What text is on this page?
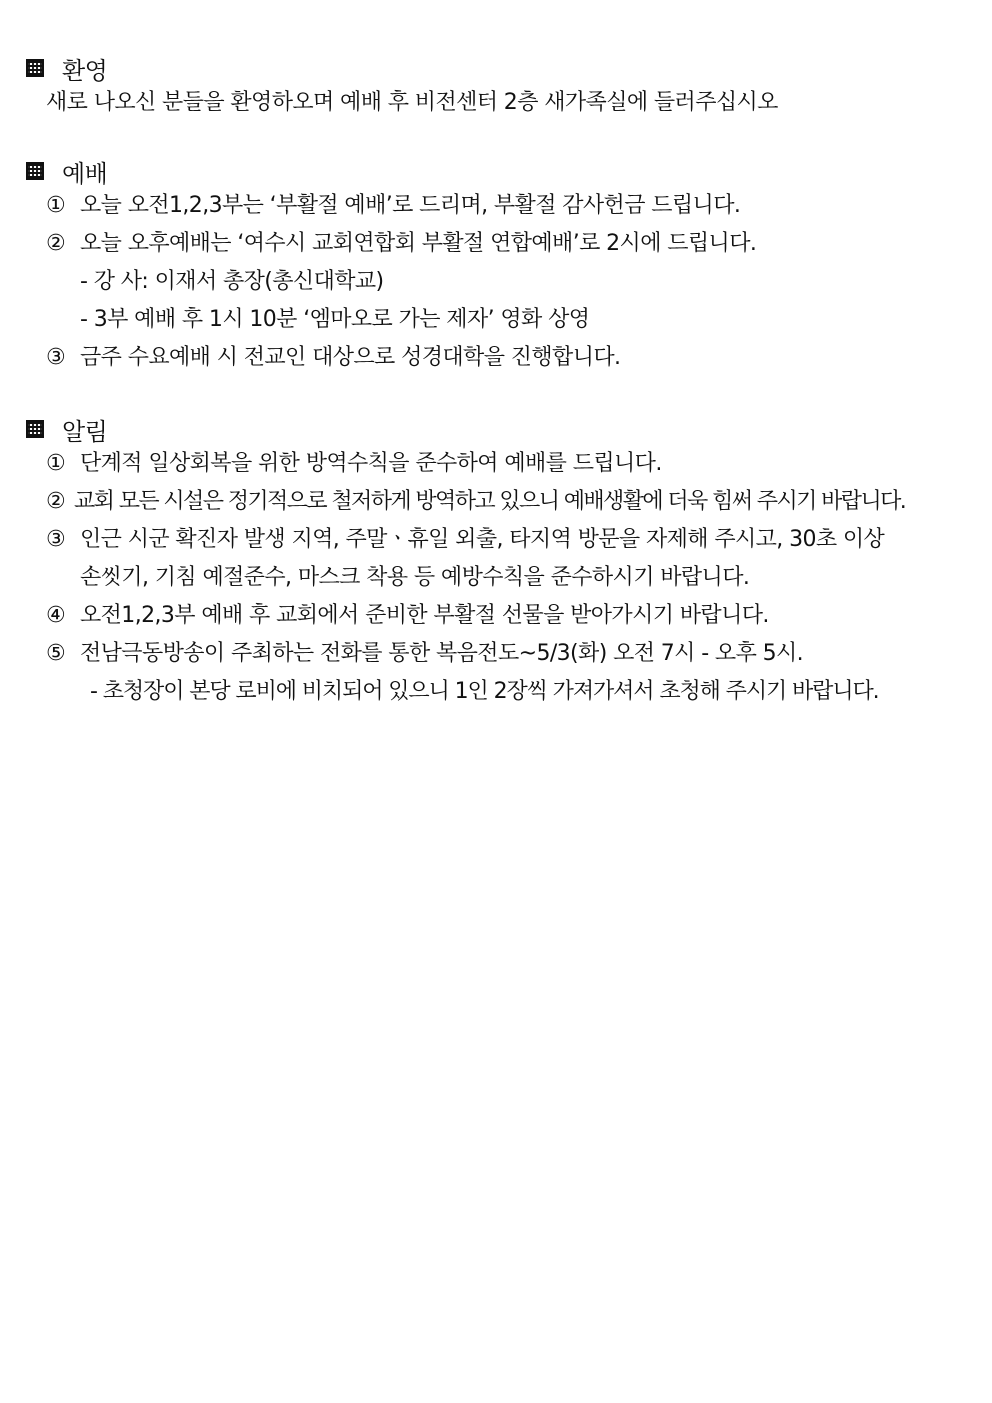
환영
새로 나오신 분들을 환영하오며 예배 후 비전센터 2층 새가족실에 들러주십시오
예배
① 오늘 오전1,2,3부는 ‘부활절 예배’로 드리며, 부활절 감사헌금 드립니다.
② 오늘 오후예배는 ‘여수시 교회연합회 부활절 연합예배’로 2시에 드립니다.
- 강 사: 이재서 총장(총신대학교)
- 3부 예배 후 1시 10분 ‘엠마오로 가는 제자’ 영화 상영
③ 금주 수요예배 시 전교인 대상으로 성경대학을 진행합니다.
알림
① 단계적 일상회복을 위한 방역수칙을 준수하여 예배를 드립니다.
② 교회 모든 시설은 정기적으로 철저하게 방역하고 있으니 예배생활에 더욱 힘써 주시기 바랍니다.
③ 인근 시군 확진자 발생 지역, 주말ㆍ휴일 외출, 타지역 방문을 자제해 주시고, 30초 이상
손씻기, 기침 예절준수, 마스크 착용 등 예방수칙을 준수하시기 바랍니다.
④ 오전1,2,3부 예배 후 교회에서 준비한 부활절 선물을 받아가시기 바랍니다.
⑤ 전남극동방송이 주최하는 전화를 통한 복음전도~5/3(화) 오전 7시 - 오후 5시.
- 초청장이 본당 로비에 비치되어 있으니 1인 2장씩 가져가셔서 초청해 주시기 바랍니다.
